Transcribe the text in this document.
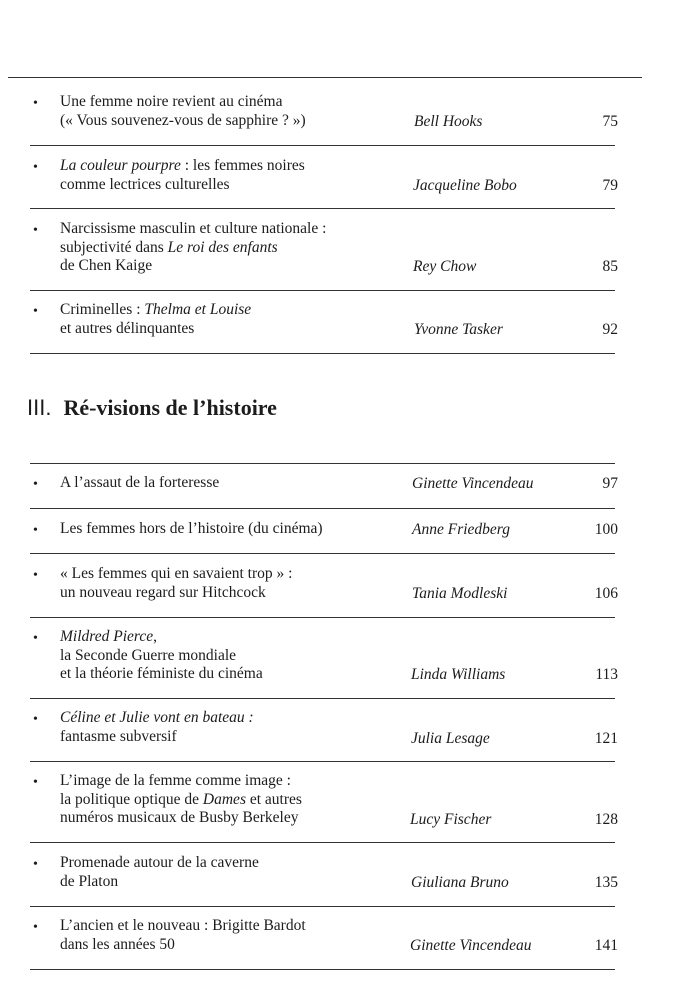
III. Ré-visions de l’histoire
• Une femme noire revient au cinéma
(« Vous souvenez-vous de sapphire ? »)	Bell Hooks	75
• La couleur pourpre : les femmes noires
comme lectrices culturelles	Jacqueline Bobo	79
• Narcissisme masculin et culture nationale :
subjectivité dans Le roi des enfants
de Chen Kaige	Rey Chow	85
• Criminelles : Thelma et Louise
et autres délinquantes	Yvonne Tasker	92
• A l’assaut de la forteresse	Ginette Vincendeau	97
• Les femmes hors de l’histoire (du cinéma)	Anne Friedberg	100
• « Les femmes qui en savaient trop » :
un nouveau regard sur Hitchcock	Tania Modleski	106
• Mildred Pierce,
la Seconde Guerre mondiale
et la théorie féministe du cinéma	Linda Williams	113
• Céline et Julie vont en bateau :
fantasme subversif	Julia Lesage	121
• L’image de la femme comme image :
la politique optique de Dames et autres
numéros musicaux de Busby Berkeley	Lucy Fischer	128
• Promenade autour de la caverne
de Platon	Giuliana Bruno	135
• L’ancien et le nouveau : Brigitte Bardot
dans les années 50	Ginette Vincendeau	141
